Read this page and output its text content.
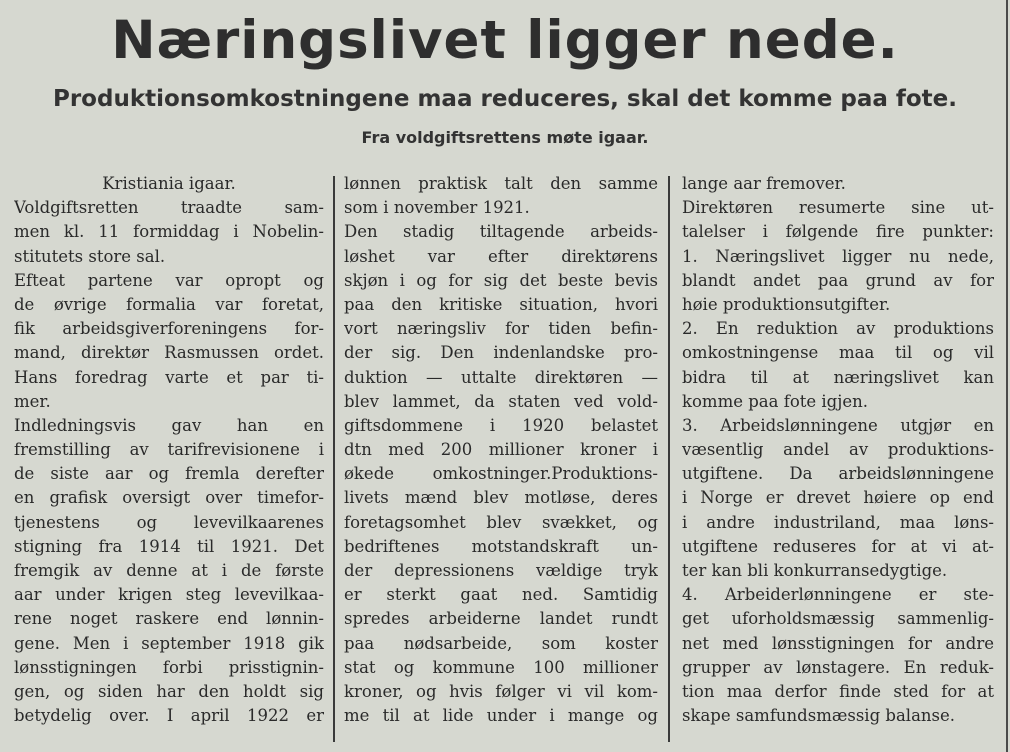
Næringslivet ligger nede.
Produktionsomkostningene maa reduceres, skal det komme paa fote.
Fra voldgiftsrettens møte igaar.
Kristiania igaar.
Voldgiftsretten traadte sam-
men kl. 11 formiddag i Nobelin-
stitutets store sal.
Efteat partene var opropt og
de øvrige formalia var foretat,
fik arbeidsgiverforeningens for-
mand, direktør Rasmussen ordet.
Hans foredrag varte et par ti-
mer.
Indledningsvis gav han en
fremstilling av tarifrevisionene i
de siste aar og fremla derefter
en grafisk oversigt over timefor-
tjenestens og levevilkaarenes
stigning fra 1914 til 1921. Det
fremgik av denne at i de første
aar under krigen steg levevilkaa-
rene noget raskere end lønnin-
gene. Men i september 1918 gik
lønsstigningen forbi prisstignin-
gen, og siden har den holdt sig
betydelig over. I april 1922 er
lønnen praktisk talt den samme
som i november 1921.
Den stadig tiltagende arbeids-
løshet var efter direktørens
skjøn i og for sig det beste bevis
paa den kritiske situation, hvori
vort næringsliv for tiden befin-
der sig. Den indenlandske pro-
duktion — uttalte direktøren —
blev lammet, da staten ved vold-
giftsdommene i 1920 belastet
dtn med 200 millioner kroner i
økede omkostninger.Produktions-
livets mænd blev motløse, deres
foretagsomhet blev svækket, og
bedriftenes motstandskraft un-
der depressionens vældige tryk
er sterkt gaat ned. Samtidig
spredes arbeiderne landet rundt
paa nødsarbeide, som koster
stat og kommune 100 millioner
kroner, og hvis følger vi vil kom-
me til at lide under i mange og
lange aar fremover.
Direktøren resumerte sine ut-
talelser i følgende fire punkter:
1. Næringslivet ligger nu nede,
blandt andet paa grund av for
høie produktionsutgifter.
2. En reduktion av produktions
omkostningense maa til og vil
bidra til at næringslivet kan
komme paa fote igjen.
3. Arbeidslønningene utgjør en
væsentlig andel av produktions-
utgiftene. Da arbeidslønningene
i Norge er drevet høiere op end
i andre industriland, maa løns-
utgiftene reduseres for at vi at-
ter kan bli konkurransedygtige.
4. Arbeiderlønningene er ste-
get uforholdsmæssig sammenlig-
net med lønsstigningen for andre
grupper av lønstagere. En reduk-
tion maa derfor finde sted for at
skape samfundsmæssig balanse.
